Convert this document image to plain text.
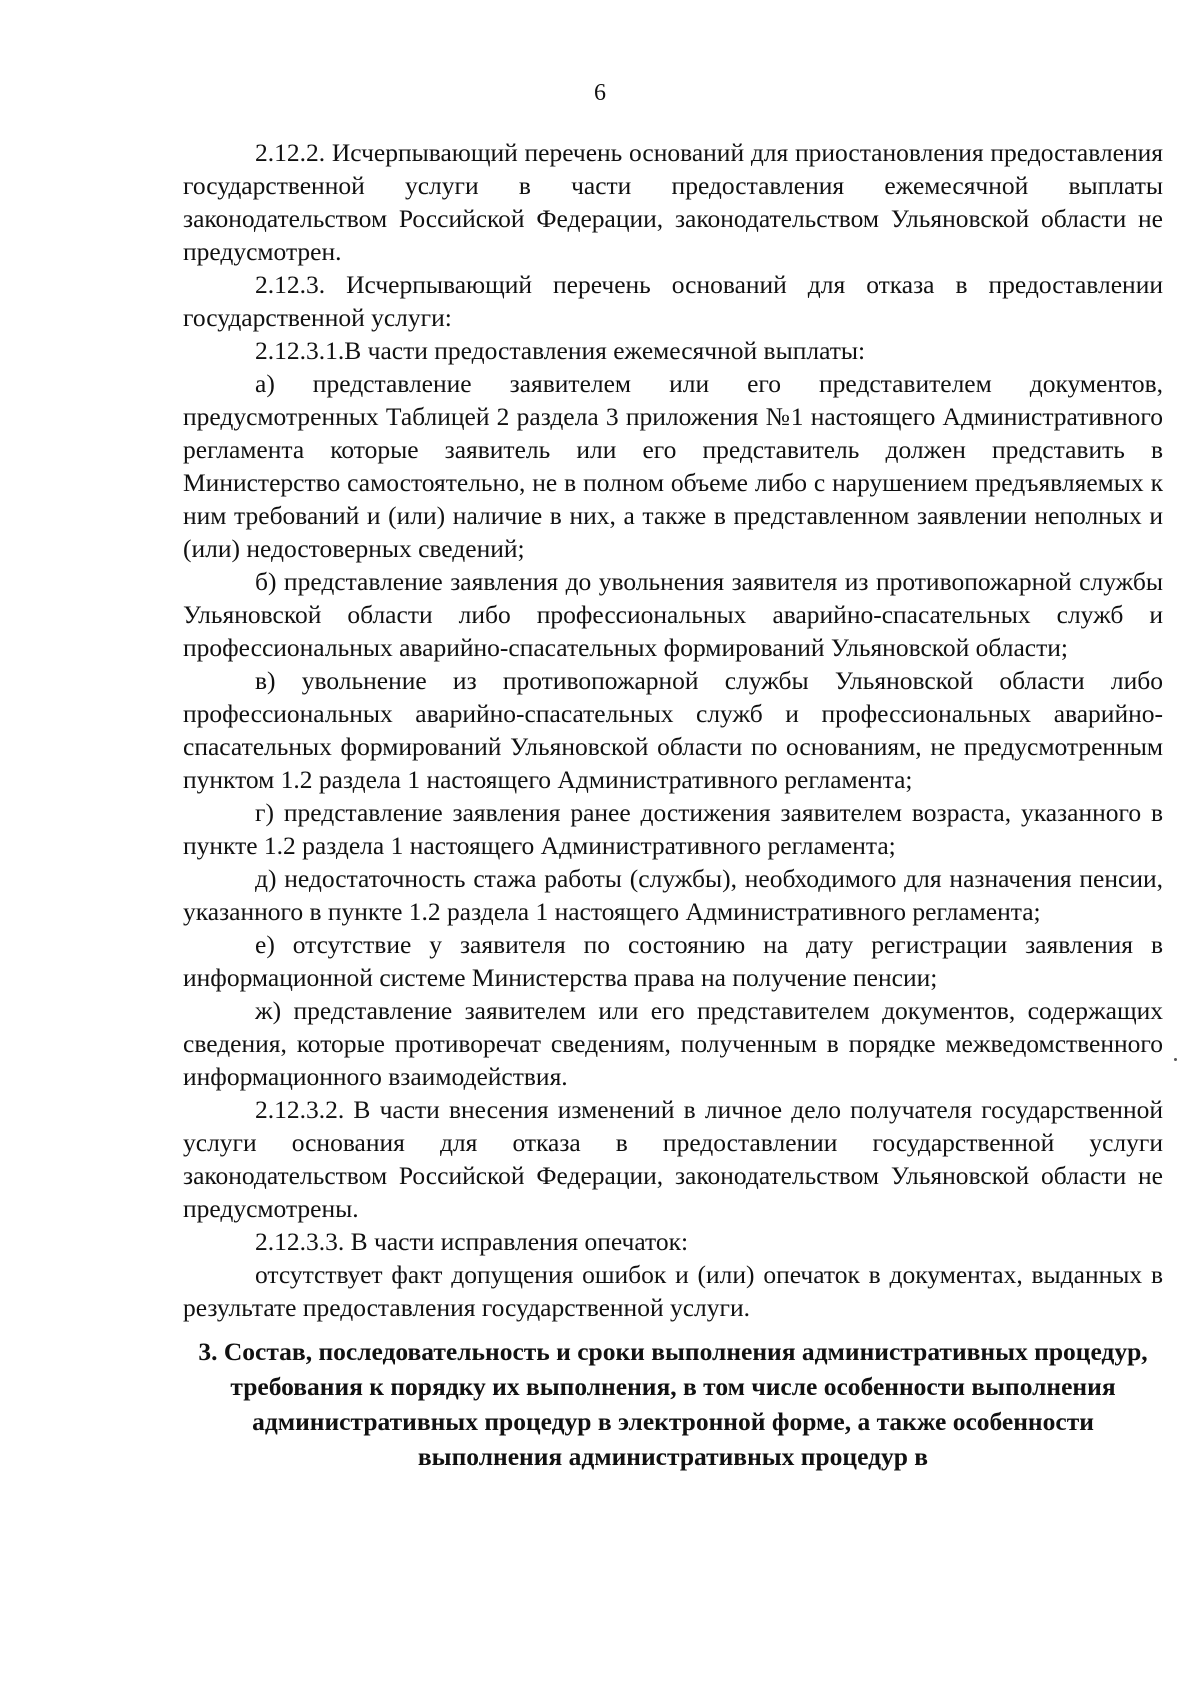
6

2.12.2. Исчерпывающий перечень оснований для приостановления предоставления государственной услуги в части предоставления ежемесячной выплаты законодательством Российской Федерации, законодательством Ульяновской области не предусмотрен.

2.12.3. Исчерпывающий перечень оснований для отказа в предоставлении государственной услуги:

2.12.3.1.В части предоставления ежемесячной выплаты:

а) представление заявителем или его представителем документов, предусмотренных Таблицей 2 раздела 3 приложения №1 настоящего Административного регламента которые заявитель или его представитель должен представить в Министерство самостоятельно, не в полном объеме либо с нарушением предъявляемых к ним требований и (или) наличие в них, а также в представленном заявлении неполных и (или) недостоверных сведений;

б) представление заявления до увольнения заявителя из противопожарной службы Ульяновской области либо профессиональных аварийно-спасательных служб и профессиональных аварийно-спасательных формирований Ульяновской области;

в) увольнение из противопожарной службы Ульяновской области либо профессиональных аварийно-спасательных служб и профессиональных аварийно-спасательных формирований Ульяновской области по основаниям, не предусмотренным пунктом 1.2 раздела 1 настоящего Административного регламента;

г) представление заявления ранее достижения заявителем возраста, указанного в пункте 1.2 раздела 1 настоящего Административного регламента;

д) недостаточность стажа работы (службы), необходимого для назначения пенсии, указанного в пункте 1.2 раздела 1 настоящего Административного регламента;

е) отсутствие у заявителя по состоянию на дату регистрации заявления в информационной системе Министерства права на получение пенсии;

ж) представление заявителем или его представителем документов, содержащих сведения, которые противоречат сведениям, полученным в порядке межведомственного информационного взаимодействия.

2.12.3.2. В части внесения изменений в личное дело получателя государственной услуги основания для отказа в предоставлении государственной услуги законодательством Российской Федерации, законодательством Ульяновской области не предусмотрены.

2.12.3.3. В части исправления опечаток:

отсутствует факт допущения ошибок и (или) опечаток в документах, выданных в результате предоставления государственной услуги.

3. Состав, последовательность и сроки выполнения административных процедур, требования к порядку их выполнения, в том числе особенности выполнения административных процедур в электронной форме, а также особенности выполнения административных процедур в
